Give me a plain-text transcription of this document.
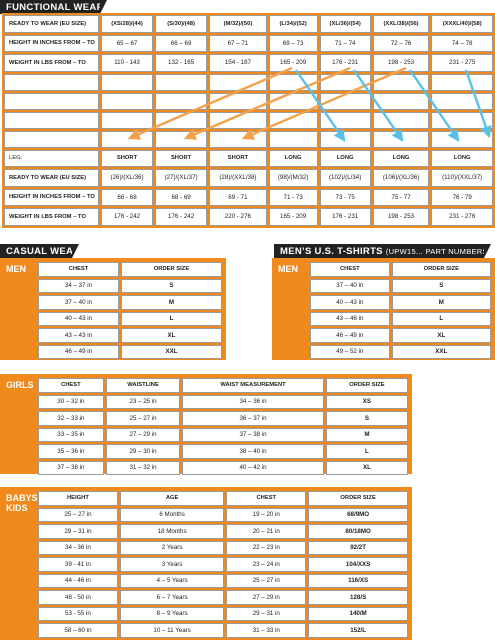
FUNCTIONAL WEAR
READY TO WEAR (EU SIZE)	(XS/28)/(44)	(S/30)/(48)	(M/32)/(50)	(L/34)/(52)	(XL/36)/(54)	(XXL/38)/(56)	(XXXL/40)/(58)
HEIGHT IN INCHES FROM – TO	65 – 67	66 – 69	67 – 71	69 – 73	71 – 74	72 – 76	74 – 78
WEIGHT IN LBS FROM – TO	110 - 143	132 - 165	154 - 187	165 - 209	176 - 231	198 - 253	231 - 275

LEG:	SHORT	SHORT	SHORT	LONG	LONG	LONG	LONG
READY TO WEAR (EU SIZE)	(26)/(XL/36)	(27)/(XL/37)	(28)/(XXL/38)	(98)/(M/32)	(102)/(L/34)	(106)/(XL/36)	(110)/(XXL/37)
HEIGHT IN INCHES FROM – TO	66 - 68	68 - 69	69 - 71	71 - 73	73 - 75	75 - 77	76 - 79
WEIGHT IN LBS FROM – TO	176 - 242	176 - 242	220 - 276	165 - 209	176 - 231	198 - 253	231 - 276
CASUAL WEAR
MEN	CHEST	ORDER SIZE
34 – 37 in	S
37 – 40 in	M
40 – 43 in	L
43 – 43 in	XL
46 – 49 in	XXL
MEN’S U.S. T-SHIRTS (UPW15... PART NUMBERS)
MEN	CHEST	ORDER SIZE
37 – 40 in	S
40 – 43 in	M
43 – 46 in	L
46 – 49 in	XL
49 – 52 in	XXL
GIRLS	CHEST	WAISTLINE	WAIST MEASUREMENT	ORDER SIZE
30 – 32 in	23 – 25 in	34 – 36 in	XS
32 – 33 in	25 – 27 in	36 – 37 in	S
33 – 35 in	27 – 29 in	37 – 38 in	M
35 – 36 in	29 – 30 in	38 – 40 in	L
37 – 38 in	31 – 32 in	40 – 42 in	XL
BABYS
KIDS
HEIGHT	AGE	CHEST	ORDER SIZE
25 – 27 in	6 Months	19 – 20 in	68/9MO
29 – 31 in	18 Months	20 – 21 in	80/18MO
34 - 36 in	2 Years	22 – 23 in	92/2T
39 - 41 in	3 Years	23 – 24 in	104/XXS
44 - 46 in	4 – 5 Years	25 – 27 in	116/XS
48 - 50 in	6 – 7 Years	27 – 29 in	128/S
53 - 55 in	8 – 9 Years	29 – 31 in	140/M
58 – 60 in	10 – 11 Years	31 – 33 in	152/L
